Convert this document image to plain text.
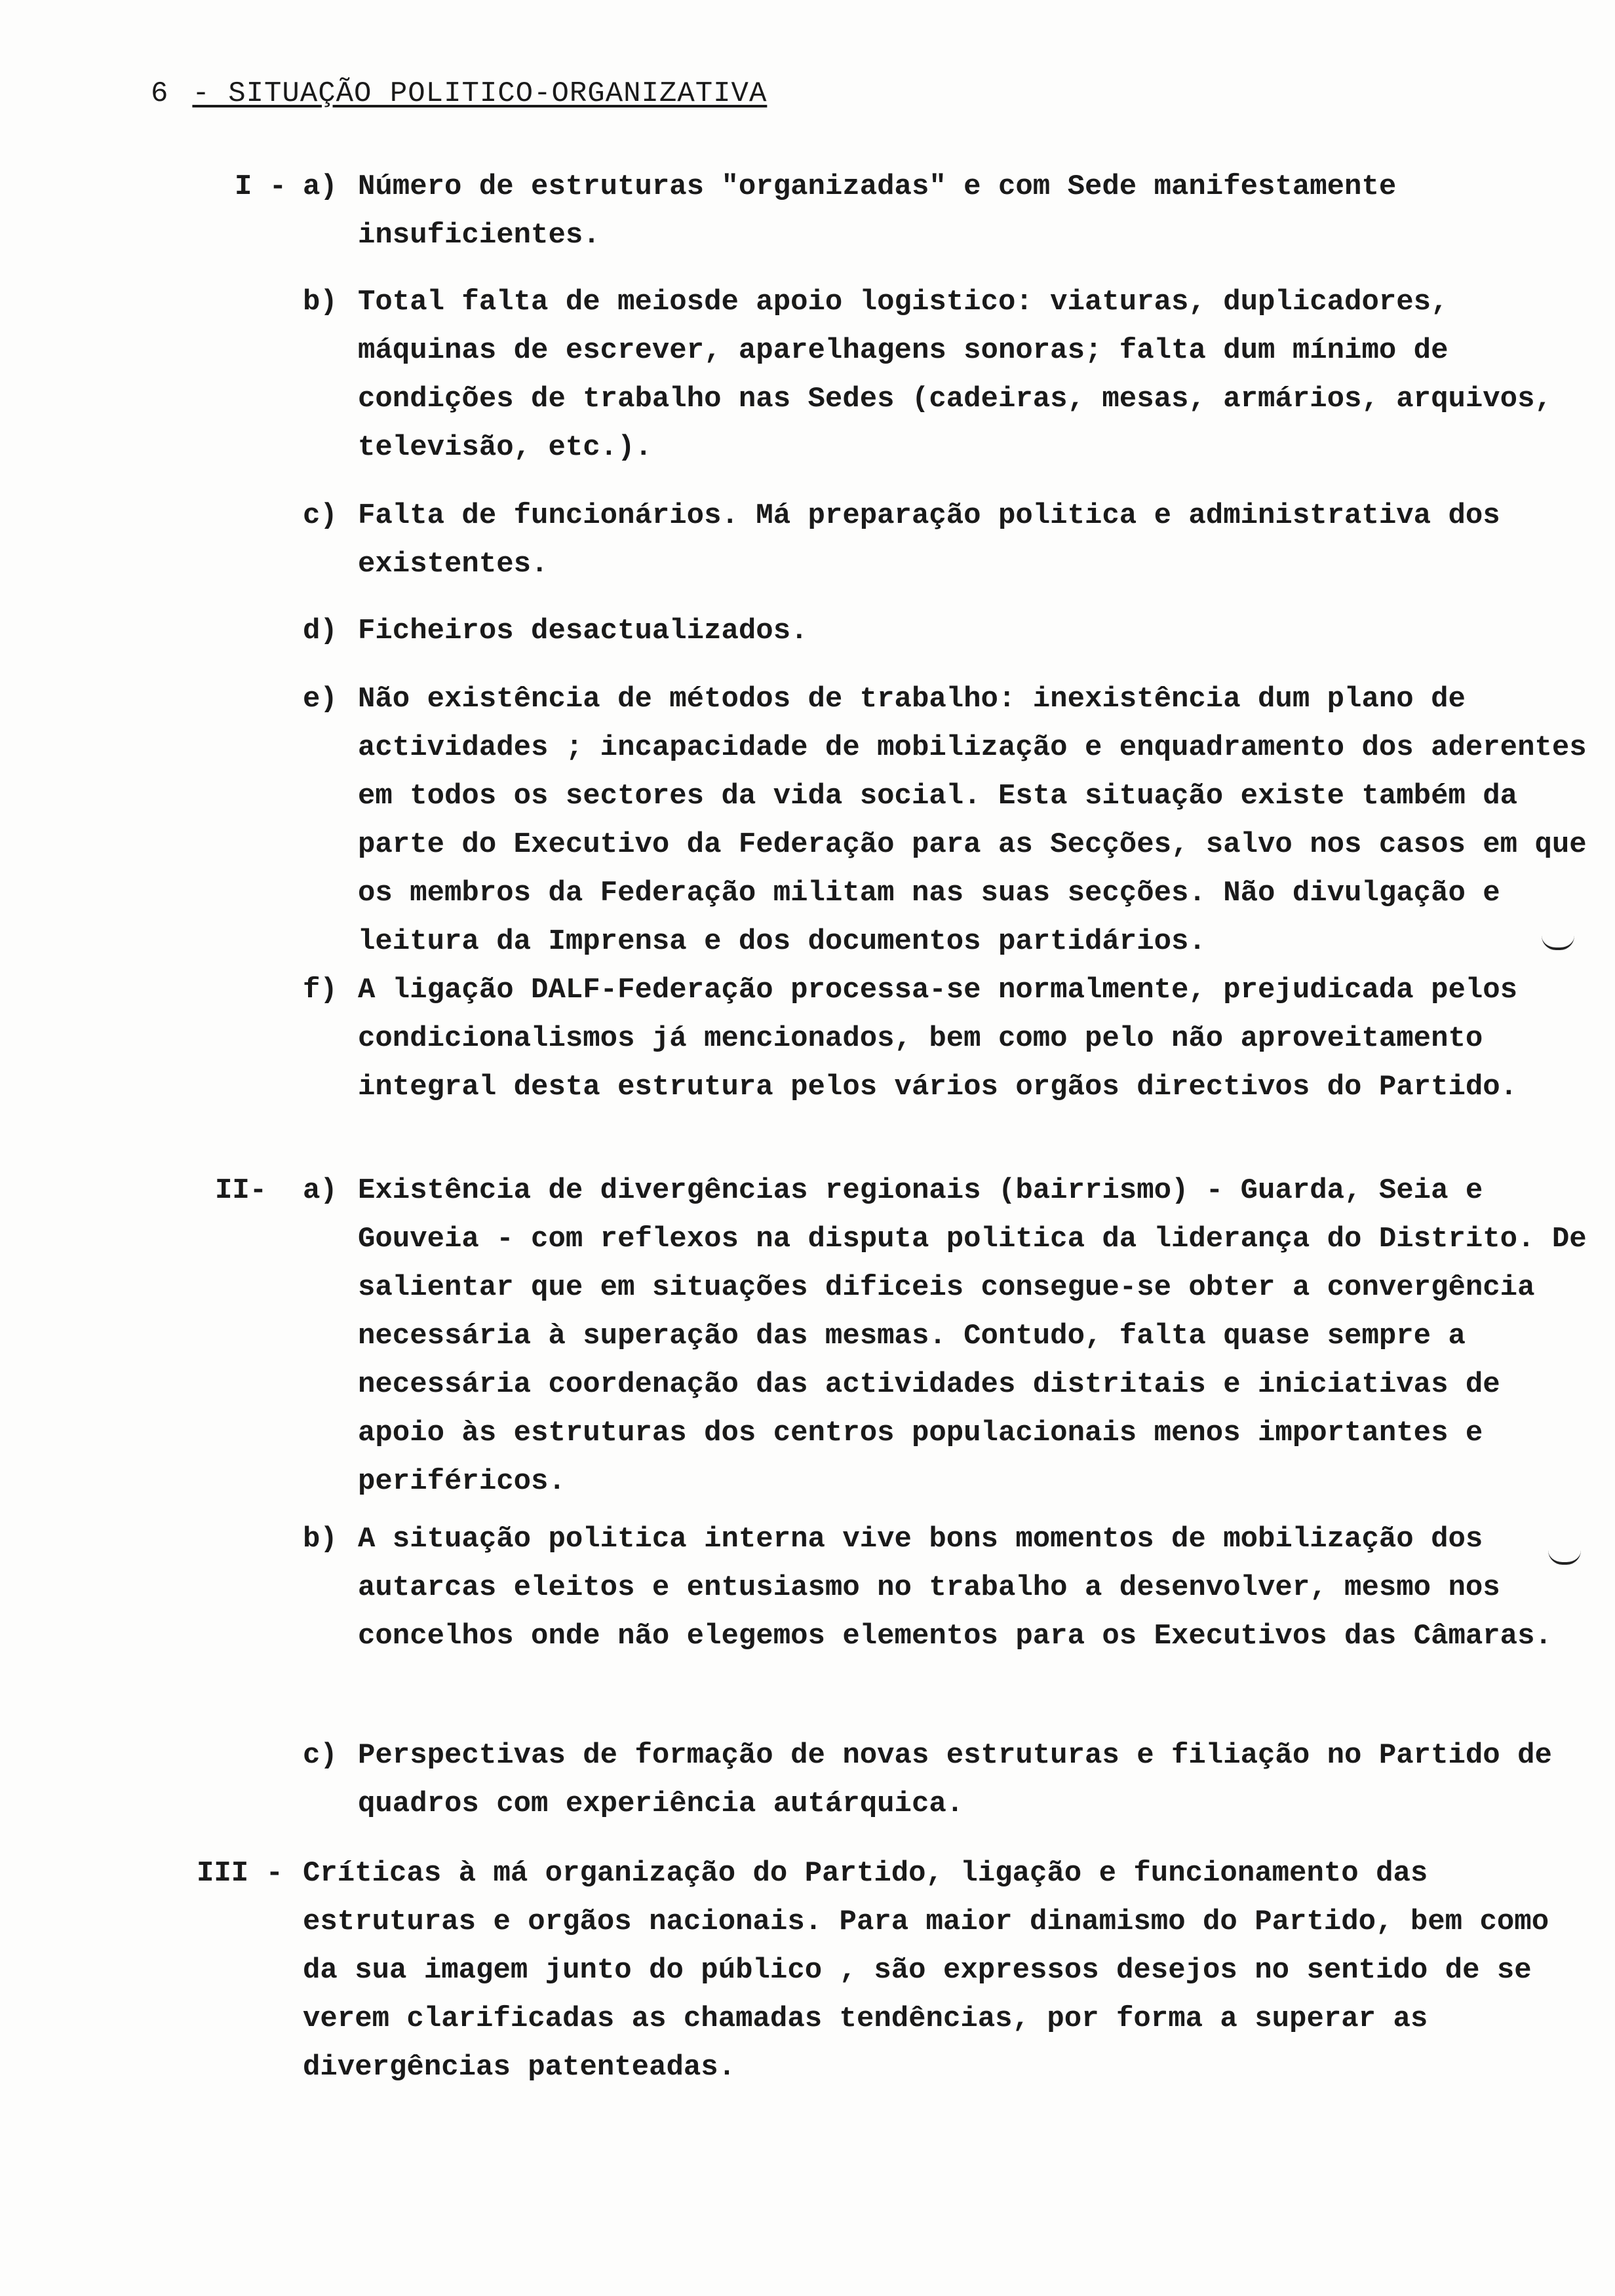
6 - SITUAÇÃO POLITICO-ORGANIZATIVA
I - a) Número de estruturas "organizadas" e com Sede manifestamente insuficientes.
b) Total falta de meiosde apoio logistico: viaturas, duplicadores, máquinas de escrever, aparelhagens sonoras; falta dum mínimo de condições de trabalho nas Sedes (cadeiras, mesas, armários, arquivos, televisão, etc.).
c) Falta de funcionários. Má preparação politica e administrativa dos existentes.
d) Ficheiros desactualizados.
e) Não existência de métodos de trabalho: inexistência dum plano de actividades ; incapacidade de mobilização e enquadramento dos aderentes em todos os sectores da vida social. Esta situação existe também da parte do Executivo da Federação para as Secções, salvo nos casos em que os membros da Federação militam nas suas secções. Não divulgação e leitura da Imprensa e dos documentos partidários.
f) A ligação DALF-Federação processa-se normalmente, prejudicada pelos condicionalismos já mencionados, bem como pelo não aproveitamento integral desta estrutura pelos vários orgãos directivos do Partido.
II- a) Existência de divergências regionais (bairrismo) - Guarda, Seia e Gouveia - com reflexos na disputa politica da liderança do Distrito. De salientar que em situações dificeis consegue-se obter a convergência necessária à superação das mesmas. Contudo, falta quase sempre a necessária coordenação das actividades distritais e iniciativas de apoio às estruturas dos centros populacionais menos importantes e periféricos.
b) A situação politica interna vive bons momentos de mobilização dos autarcas eleitos e entusiasmo no trabalho a desenvolver, mesmo nos concelhos onde não elegemos elementos para os Executivos das Câmaras.
c) Perspectivas de formação de novas estruturas e filiação no Partido de quadros com experiência autárquica.
III - Críticas à má organização do Partido, ligação e funcionamento das estruturas e orgãos nacionais. Para maior dinamismo do Partido, bem como da sua imagem junto do público , são expressos desejos no sentido de se verem clarificadas as chamadas tendências, por forma a superar as divergências patenteadas.
